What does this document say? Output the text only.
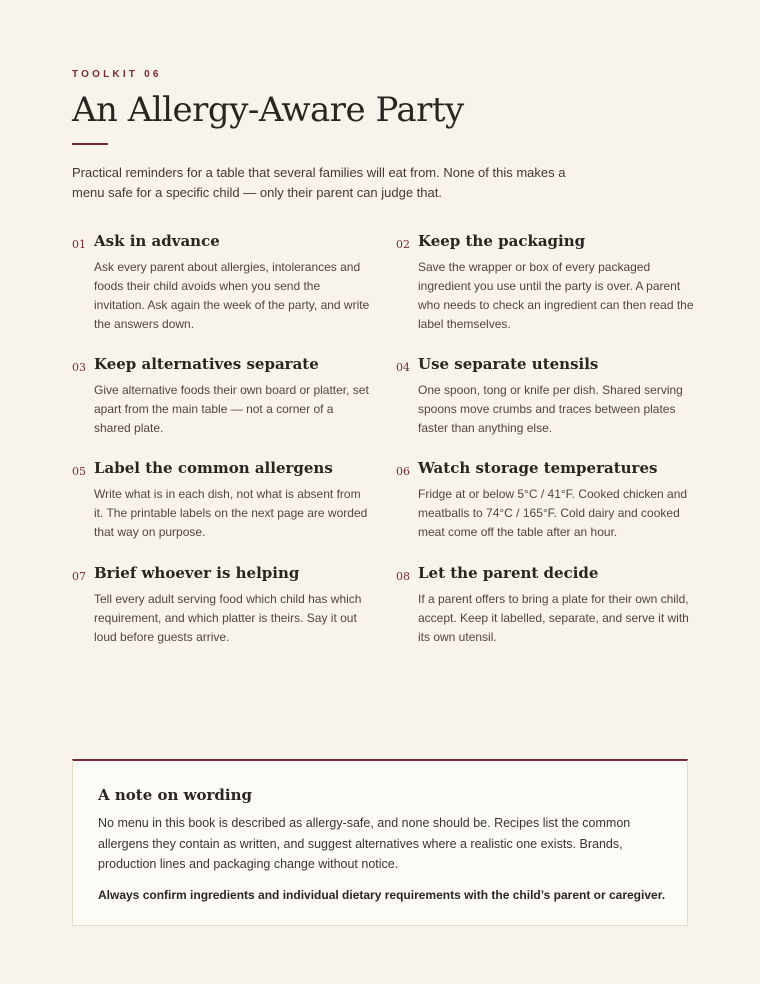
TOOLKIT 06
An Allergy-Aware Party

Practical reminders for a table that several families will eat from. None of this makes a menu safe for a specific child — only their parent can judge that.

01 Ask in advance

Ask every parent about allergies, intolerances and foods their child avoids when you send the invitation. Ask again the week of the party, and write the answers down.

02 Keep the packaging

Save the wrapper or box of every packaged ingredient you use until the party is over. A parent who needs to check an ingredient can then read the label themselves.

03 Keep alternatives separate

Give alternative foods their own board or platter, set apart from the main table — not a corner of a shared plate.

04 Use separate utensils

One spoon, tong or knife per dish. Shared serving spoons move crumbs and traces between plates faster than anything else.

05 Label the common allergens

Write what is in each dish, not what is absent from it. The printable labels on the next page are worded that way on purpose.

06 Watch storage temperatures

Fridge at or below 5°C / 41°F. Cooked chicken and meatballs to 74°C / 165°F. Cold dairy and cooked meat come off the table after an hour.

07 Brief whoever is helping

Tell every adult serving food which child has which requirement, and which platter is theirs. Say it out loud before guests arrive.

08 Let the parent decide

If a parent offers to bring a plate for their own child, accept. Keep it labelled, separate, and serve it with its own utensil.

A note on wording

No menu in this book is described as allergy-safe, and none should be. Recipes list the common allergens they contain as written, and suggest alternatives where a realistic one exists. Brands, production lines and packaging change without notice.

Always confirm ingredients and individual dietary requirements with the child’s parent or caregiver.
